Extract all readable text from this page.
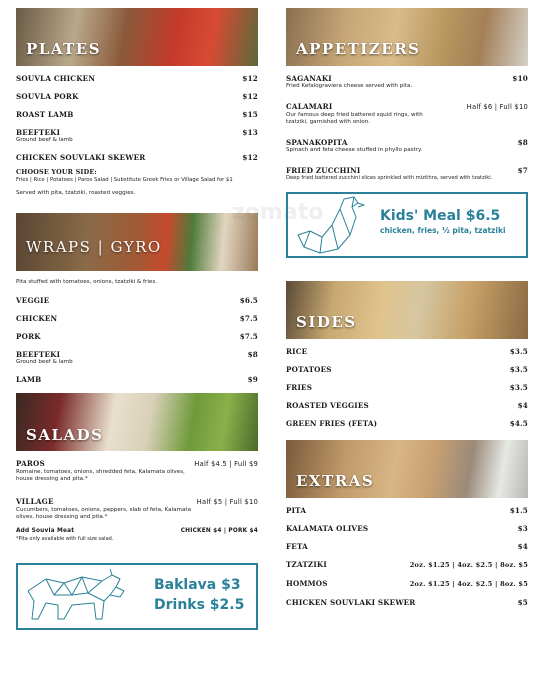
PLATES
SOUVLA CHICKEN	$12
SOUVLA PORK	$12
ROAST LAMB	$15
BEEFTEKI	$13
Ground beef & lamb
CHICKEN SOUVLAKI SKEWER	$12
CHOOSE YOUR SIDE:
Fries | Rice | Potatoes | Paros Salad | Substitute Greek Fries or Village Salad for $1
Served with pita, tzatziki, roasted veggies.
WRAPS | GYRO
Pita stuffed with tomatoes, onions, tzatziki & fries.
VEGGIE	$6.5
CHICKEN	$7.5
PORK	$7.5
BEEFTEKI	$8
Ground beef & lamb
LAMB	$9
SALADS
PAROS	Half $4.5 | Full $9
Romaine, tomatoes, onions, shredded feta, Kalamata olives, house dressing and pita.*
VILLAGE	Half $5 | Full $10
Cucumbers, tomatoes, onions, peppers, slab of feta, Kalamata olives, house dressing and pita.*
Add Souvla Meat	CHICKEN $4 | PORK $4
*Pita only available with full size salad.
Baklava $3
Drinks $2.5
APPETIZERS
SAGANAKI	$10
Fried Kefalograviera cheese served with pita.
CALAMARI	Half $6 | Full $10
Our famous deep fried battered squid rings, with tzatziki, garnished with onion.
SPANAKOPITA	$8
Spinach and feta cheese stuffed in phyllo pastry.
FRIED ZUCCHINI	$7
Deep fried battered zucchini slices sprinkled with mizithra, served with tzatziki.
Kids' Meal $6.5
chicken, fries, ½ pita, tzatziki
SIDES
RICE	$3.5
POTATOES	$3.5
FRIES	$3.5
ROASTED VEGGIES	$4
GREEN FRIES (FETA)	$4.5
EXTRAS
PITA	$1.5
KALAMATA OLIVES	$3
FETA	$4
TZATZIKI	2oz. $1.25 | 4oz. $2.5 | 8oz. $5
HOMMOS	2oz. $1.25 | 4oz. $2.5 | 8oz. $5
CHICKEN SOUVLAKI SKEWER	$5
zomato
